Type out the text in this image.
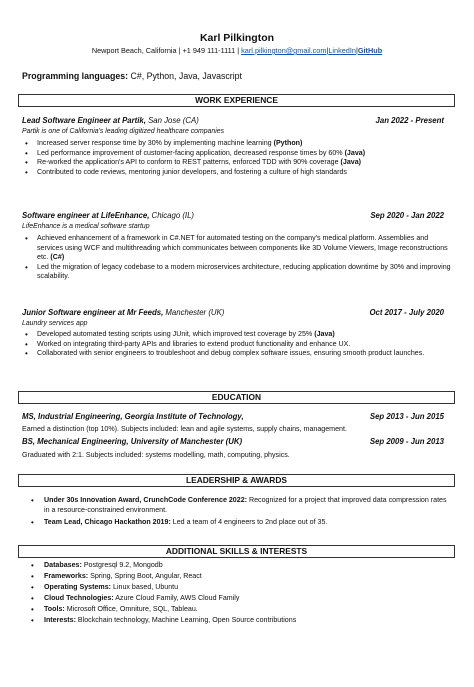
Karl Pilkington
Newport Beach, California | +1 949 111-1111 | karl.pilkington@gmail.com|LinkedIn|GitHub
Programming languages: C#, Python, Java, Javascript
WORK EXPERIENCE
Lead Software Engineer at Partik, San Jose (CA)	Jan 2022 - Present
Partik is one of California's leading digitized healthcare companies
• Increased server response time by 30% by implementing machine learning (Python)
• Led performance improvement of customer-facing application, decreased response times by 60% (Java)
• Re-worked the application's API to conform to REST patterns, enforced TDD with 90% coverage (Java)
• Contributed to code reviews, mentoring junior developers, and fostering a culture of high standards
Software engineer at LifeEnhance, Chicago (IL)	Sep 2020 - Jan 2022
LifeEnhance is a medical software startup
• Achieved enhancement of a framework in C#.NET for automated testing on the company's medical platform. Assemblies and services using WCF and multithreading which communicates between components like 3D Volume Viewers, Image reconstructions etc. (C#)
• Led the migration of legacy codebase to a modern microservices architecture, reducing application downtime by 30% and improving scalability.
Junior Software engineer at Mr Feeds, Manchester (UK)	Oct 2017 - July 2020
Laundry services app
• Developed automated testing scripts using JUnit, which improved test coverage by 25% (Java)
• Worked on integrating third-party APIs and libraries to extend product functionality and enhance UX.
• Collaborated with senior engineers to troubleshoot and debug complex software issues, ensuring smooth product launches.
EDUCATION
MS, Industrial Engineering, Georgia Institute of Technology,	Sep 2013 - Jun 2015
Earned a distinction (top 10%). Subjects included: lean and agile systems, supply chains, management.
BS, Mechanical Engineering, University of Manchester (UK)	Sep 2009 - Jun 2013
Graduated with 2:1. Subjects included: systems modelling, math, computing, physics.
LEADERSHIP & AWARDS
• Under 30s Innovation Award, CrunchCode Conference 2022: Recognized for a project that improved data compression rates in a resource-constrained environment.
• Team Lead, Chicago Hackathon 2019: Led a team of 4 engineers to 2nd place out of 35.
ADDITIONAL SKILLS & INTERESTS
• Databases: Postgresql 9.2, Mongodb
• Frameworks: Spring, Spring Boot, Angular, React
• Operating Systems: Linux based, Ubuntu
• Cloud Technologies: Azure Cloud Family, AWS Cloud Family
• Tools: Microsoft Office, Omniture, SQL, Tableau.
• Interests: Blockchain technology, Machine Learning, Open Source contributions
